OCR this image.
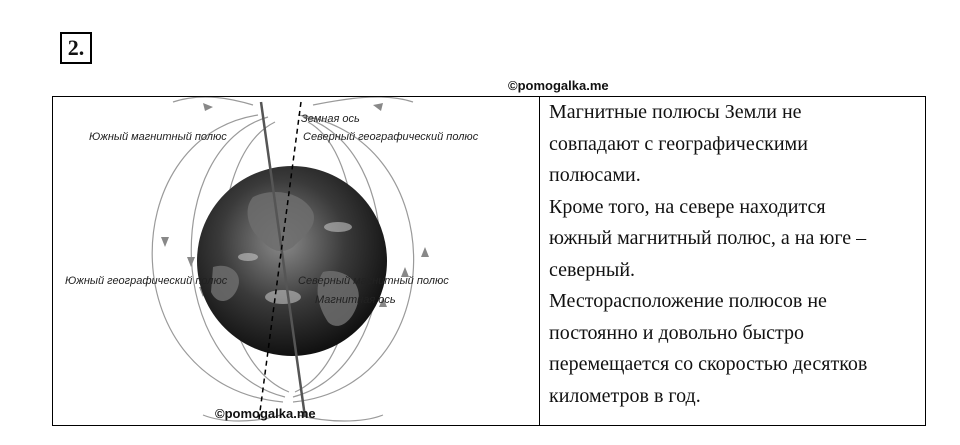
2.
©pomogalka.me
Земная ось
Южный магнитный полюс	Северный географический полюс
Южный географический полюс	Северный магнитный полюс
Магнитная ось

Магнитные полюсы Земли не

совпадают с географическими

полюсами.

Кроме того, на севере находится

южный магнитный полюс, а на юге –

северный.

Месторасположение полюсов не

постоянно и довольно быстро

перемещается со скоростью десятков

километров в год.

©pomogalka.me
